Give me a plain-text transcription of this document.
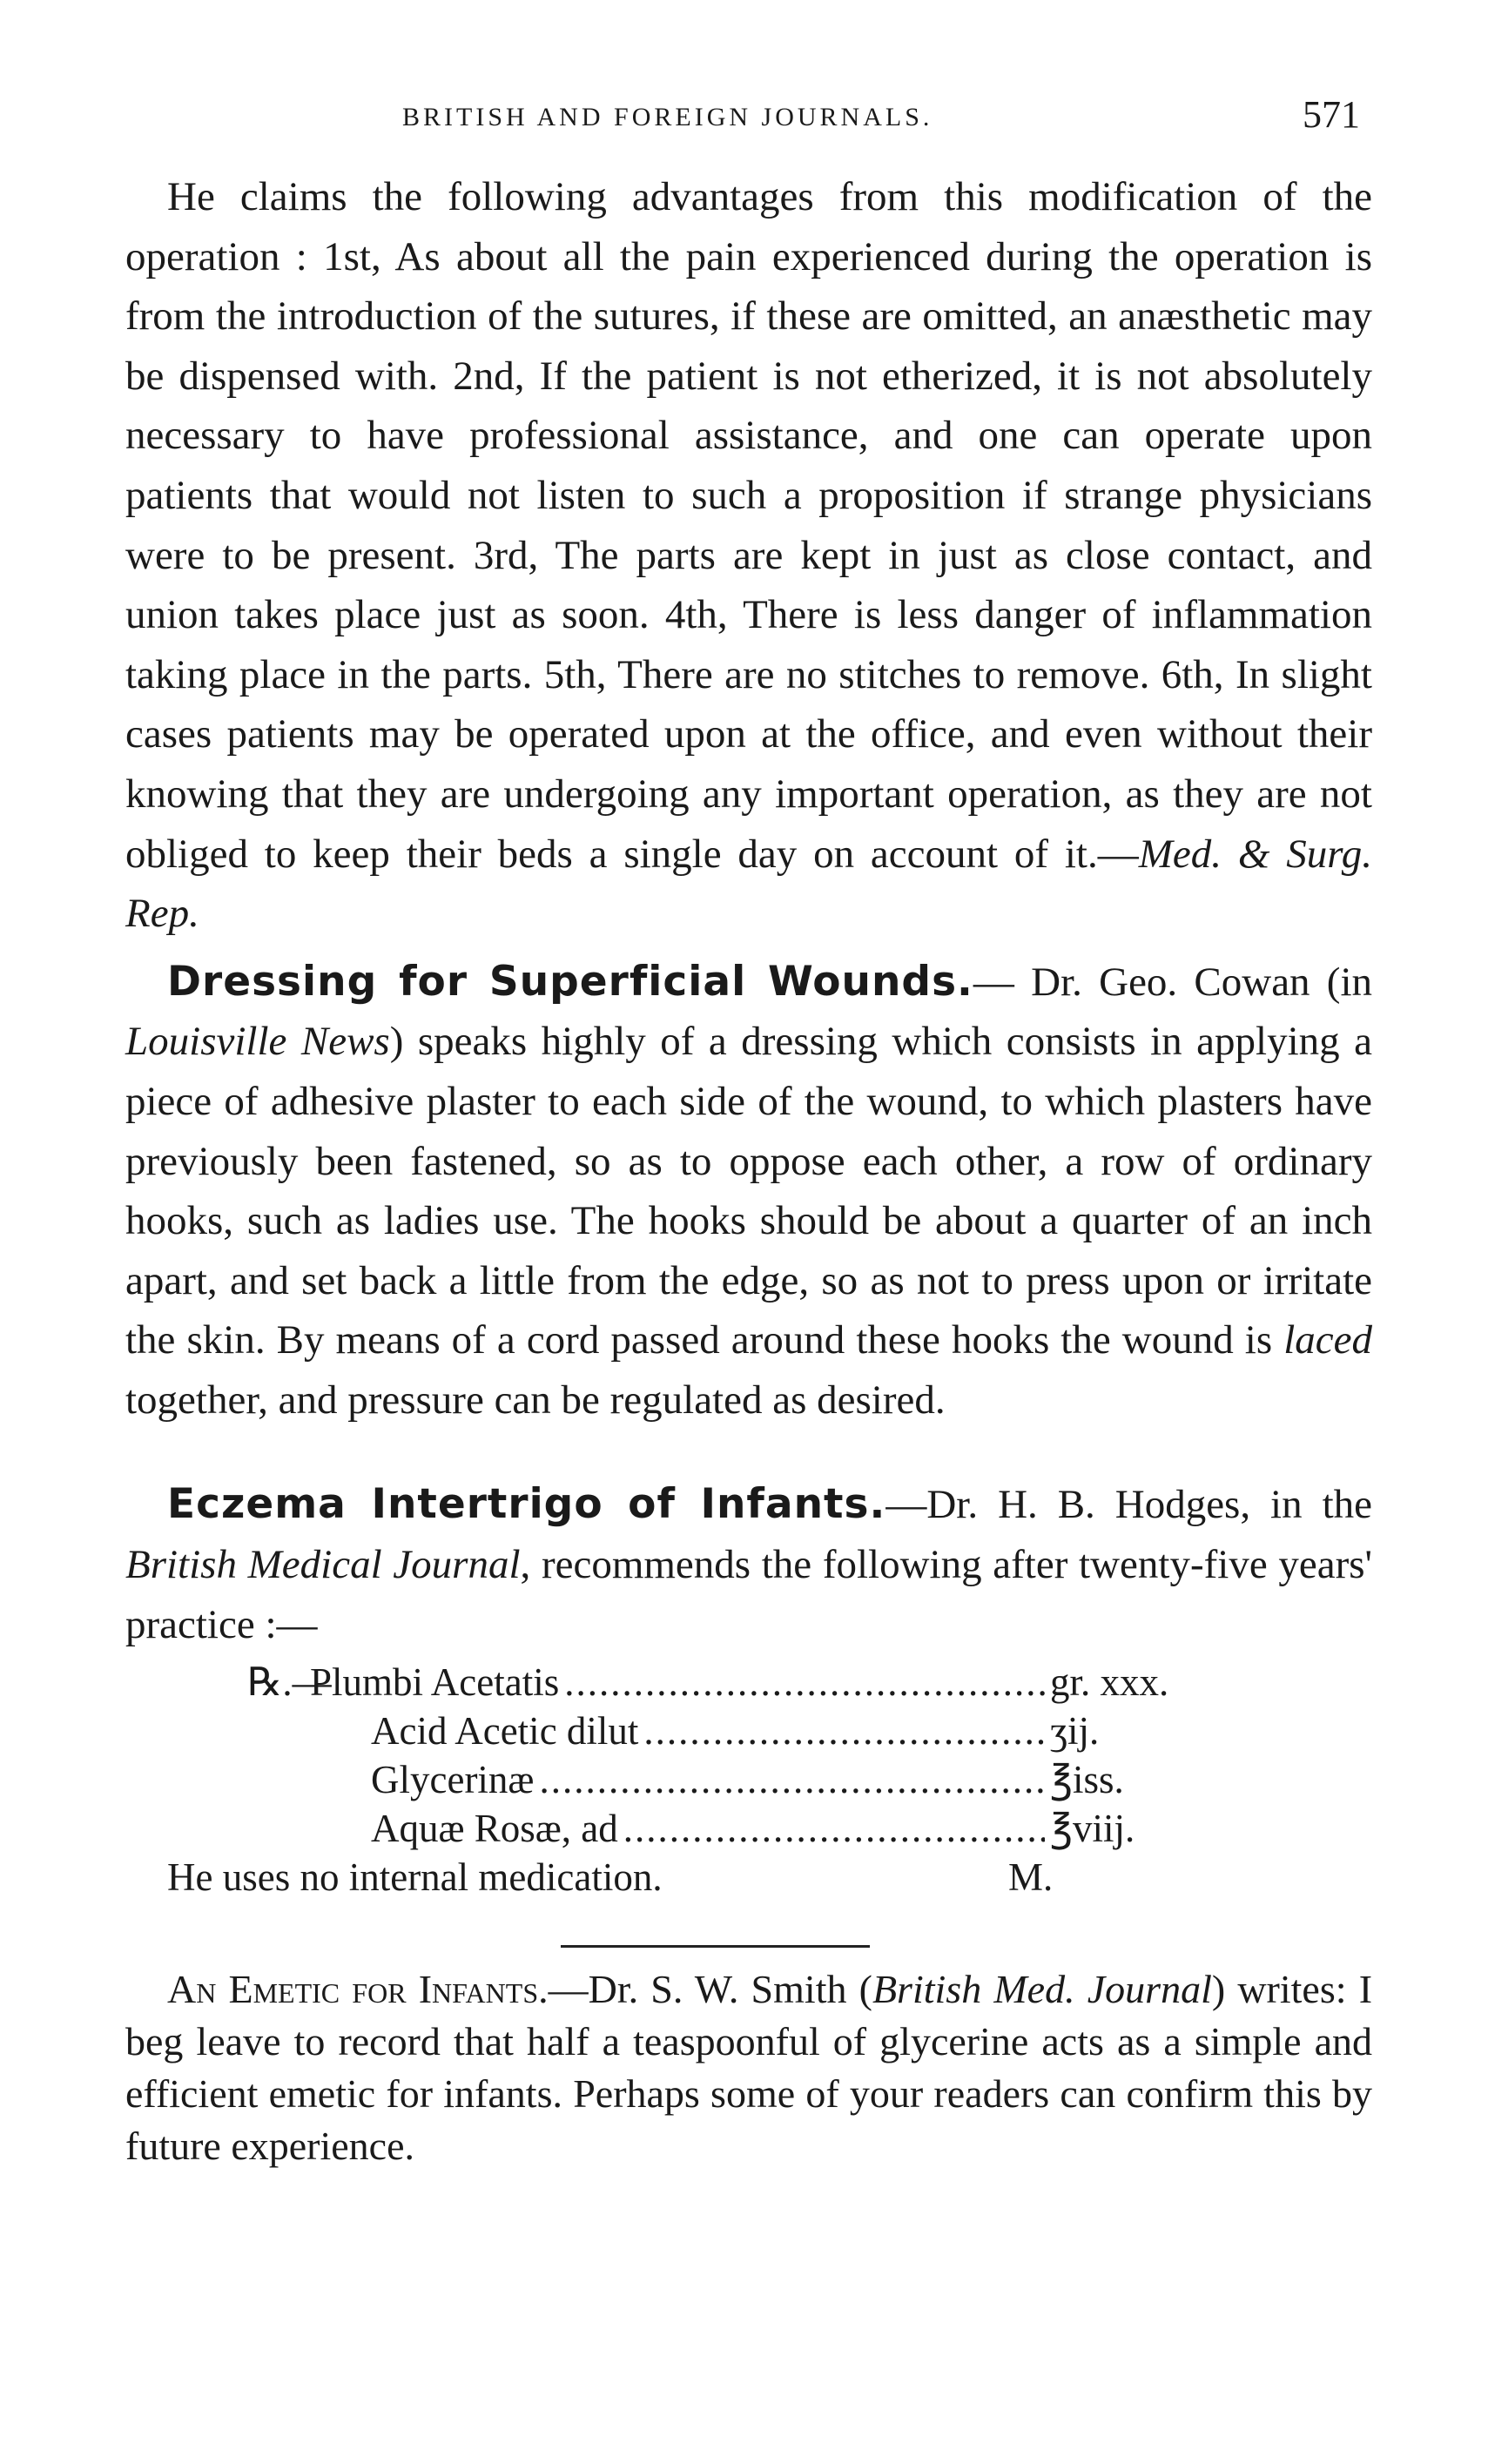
BRITISH AND FOREIGN JOURNALS.	571

He claims the following advantages from this modification of the operation : 1st, As about all the pain experienced during the operation is from the introduction of the sutures, if these are omitted, an anæsthetic may be dispensed with. 2nd, If the patient is not etherized, it is not absolutely necessary to have professional assistance, and one can operate upon patients that would not listen to such a proposition if strange physicians were to be present. 3rd, The parts are kept in just as close contact, and union takes place just as soon. 4th, There is less danger of inflammation taking place in the parts. 5th, There are no stitches to remove. 6th, In slight cases patients may be operated upon at the office, and even without their knowing that they are undergoing any important operation, as they are not obliged to keep their beds a single day on account of it.—Med. & Surg. Rep.

Dressing for Superficial Wounds.— Dr. Geo. Cowan (in Louisville News) speaks highly of a dressing which consists in applying a piece of adhesive plaster to each side of the wound, to which plasters have previously been fastened, so as to oppose each other, a row of ordinary hooks, such as ladies use. The hooks should be about a quarter of an inch apart, and set back a little from the edge, so as not to press upon or irritate the skin. By means of a cord passed around these hooks the wound is laced together, and pressure can be regulated as desired.

Eczema Intertrigo of Infants.—Dr. H. B. Hodges, in the British Medical Journal, recommends the following after twenty-five years' practice :—

℞.—
Plumbi Acetatis .....	gr. xxx.
Acid Acetic dilut .....	ʒij.
Glycerinæ .....	℥iss.
Aquæ Rosæ, ad .....	℥viij.
He uses no internal medication.	M.

An Emetic for Infants.—Dr. S. W. Smith (British Med. Journal) writes: I beg leave to record that half a teaspoonful of glycerine acts as a simple and efficient emetic for infants. Perhaps some of your readers can confirm this by future experience.
